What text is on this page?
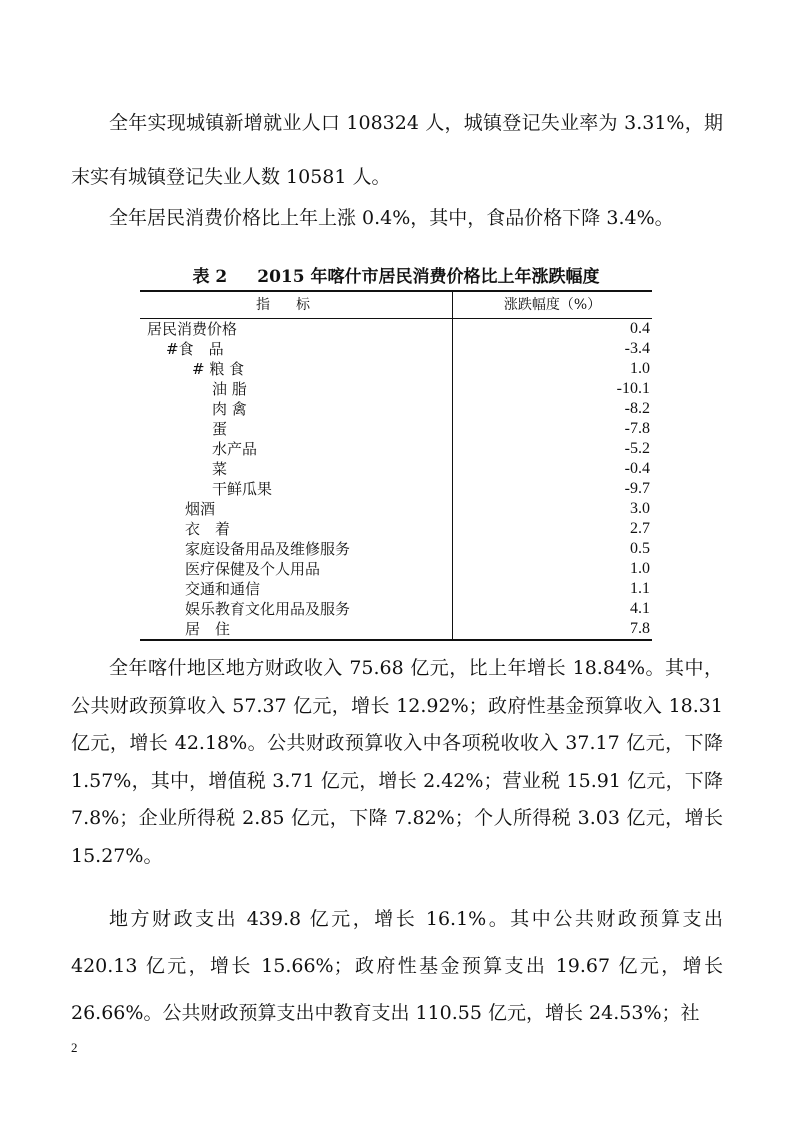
全年实现城镇新增就业人口 108324 人，城镇登记失业率为 3.31%，期末实有城镇登记失业人数 10581 人。

全年居民消费价格比上年上涨 0.4%，其中，食品价格下降 3.4%。

表 2 2015 年喀什市居民消费价格比上年涨跌幅度
指标	涨跌幅度（%）
居民消费价格	0.4
#食　品	-3.4
# 粮 食	1.0
油 脂	-10.1
肉 禽	-8.2
蛋	-7.8
水产品	-5.2
菜	-0.4
干鲜瓜果	-9.7
烟酒	3.0
衣　着	2.7
家庭设备用品及维修服务	0.5
医疗保健及个人用品	1.0
交通和通信	1.1
娱乐教育文化用品及服务	4.1
居　住	7.8

全年喀什地区地方财政收入 75.68 亿元，比上年增长 18.84%。其中，公共财政预算收入 57.37 亿元，增长 12.92%；政府性基金预算收入 18.31 亿元，增长 42.18%。公共财政预算收入中各项税收收入 37.17 亿元，下降 1.57%，其中，增值税 3.71 亿元，增长 2.42%；营业税 15.91 亿元，下降 7.8%；企业所得税 2.85 亿元，下降 7.82%；个人所得税 3.03 亿元，增长 15.27%。

地方财政支出 439.8 亿元，增长 16.1%。其中公共财政预算支出 420.13 亿元，增长 15.66%；政府性基金预算支出 19.67 亿元，增长 26.66%。公共财政预算支出中教育支出 110.55 亿元，增长 24.53%；社

2
